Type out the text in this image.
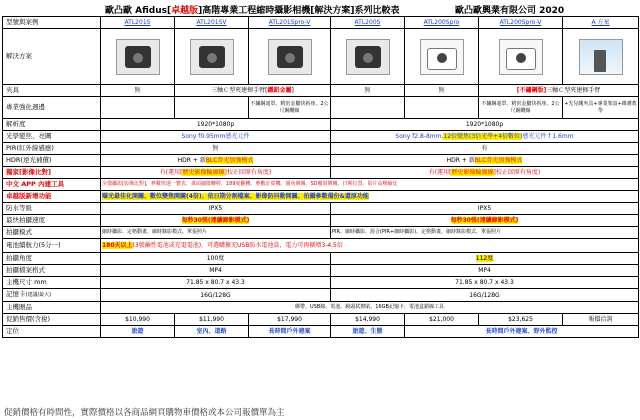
歐凸歐 Afidus[卓越版]高階專業工程縮時攝影相機[解決方案]系列比較表	歐凸歐興業有限公司 2020
型號與案例	ATL201S	ATL201SV	ATL201Spro-V	ATL200S	ATL200Spro	ATL200Spro-V	A 方案
解決方案	

夾具	無	三軸Ｃ型夾建揮手臂[鐵鋁金屬]		無	無	[不鏽鋼版]三軸Ｃ型夾建揮手臂	
專業強化週邊			不鏽鋼遮罩、精密金屬快拆座、2公尺鋼纜線			不鏽鋼遮罩、精密金屬快拆座、2公尺鋼纜線	+先兒繩夾具+專業架設+維護教學
解析度	1920*1080p			1920*1080p			
光學變焦、亮圖	Sony f0.95mm感光元件			Sony f2.8-8mm,12倍變焦(3倍光學+4倍數位)感光元件 f 1.6mm			
PIR(紅外線感應)	無			有			
HDR(逆光補償)	HDR + 新BLC背光加強模式			HDR + 新BLC背光加強模式			
獨家[影像比對]	有(運用[歷史影像輪廓線]校正回原有角度)			有(運用[歷史影像輪廓線]校正回原有角度)			
中文 APP 內建工具	全環攝影[影像比對]，參數快速一覽表、畫面細微轉移、189度翻轉、參數計算機、廣角開關、SD覆寫開關、日期位置，影片高壓縮比						
卓越版新增功能	曝光最佳化開關、數位變焦開關(4倍)、依日期分割檔案、影像防抖動開關、拍攝參數備份&還原功能						
防水等級	IPX5			IPX5			
最快拍攝速度	每秒30張(連續錄影模式)			每秒30張(連續錄影模式)			
拍攝模式	縮時攝影、定格動畫、縮時錄影模式、單張照片			PIR、縮時攝影、混合(PIR+縮時攝影)、定格動畫、縮時錄影模式、單張照片			
電池續航力(5分一)	180天以上(3號鹼性電池或充電電池)，可選購擴充USB防水電池盒，電力可再擴增3-4.5倍						
拍攝角度	100度			112度			
拍攝檔案格式	MP4			MP4			
主機尺寸 mm	71.85 x 80.7 x 43.3			71.85 x 80.7 x 43.3			
記憶卡(建議/最大)	16G/128G			16G/128G			
主機贈品	綁帶、USB線、電池、鏡頭拭擦貼、16GB記憶卡、電池盒鎖線工具						
促銷售價(含稅)	$10,990	$11,990	$17,990	$14,990	$21,000	$23,625	報價洽詢
定位	旅遊	室內、道路	長時間戶外建案	旅遊、生態	長時間戶外建案、野外監控		
促銷價格有時間性，實際價格以各商品網頁購物車價格或本公司報價單為主
